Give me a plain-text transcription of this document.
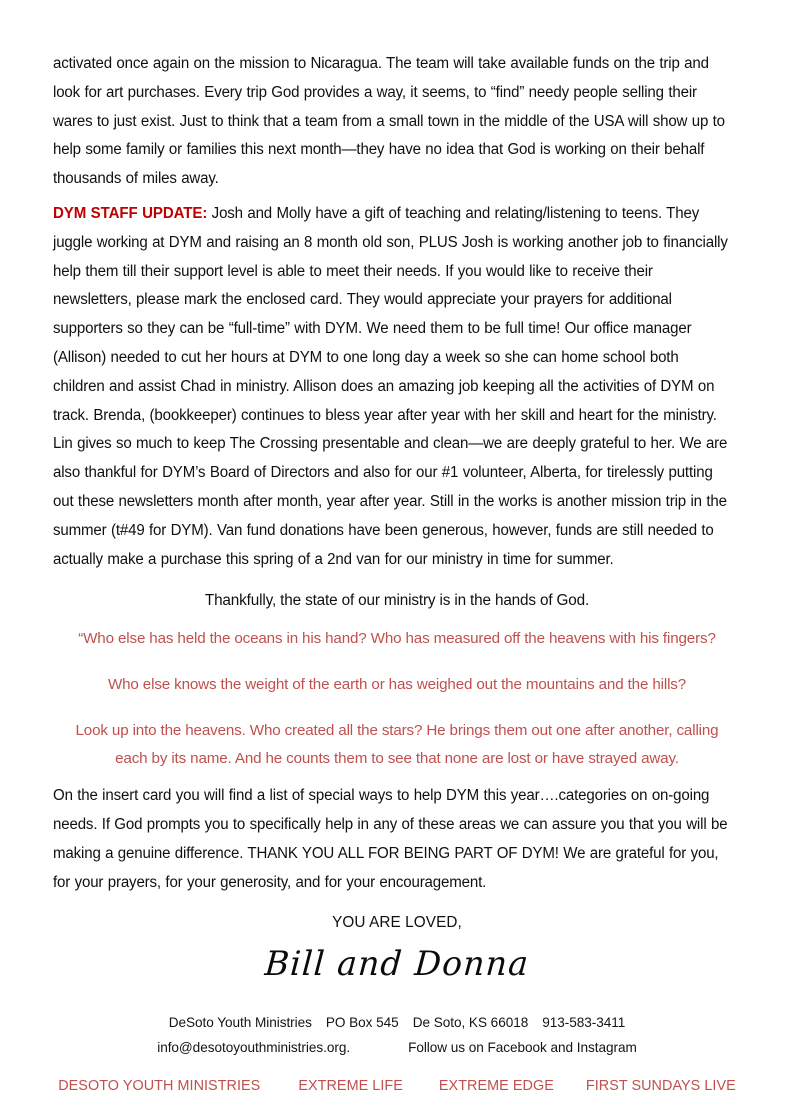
activated once again on the mission to Nicaragua. The team will take available funds on the trip and look for art purchases. Every trip God provides a way, it seems, to “find” needy people selling their wares to just exist. Just to think that a team from a small town in the middle of the USA will show up to help some family or families this next month—they have no idea that God is working on their behalf thousands of miles away.

DYM STAFF UPDATE: Josh and Molly have a gift of teaching and relating/listening to teens. They juggle working at DYM and raising an 8 month old son, PLUS Josh is working another job to financially help them till their support level is able to meet their needs. If you would like to receive their newsletters, please mark the enclosed card. They would appreciate your prayers for additional supporters so they can be “full-time” with DYM. We need them to be full time! Our office manager (Allison) needed to cut her hours at DYM to one long day a week so she can home school both children and assist Chad in ministry. Allison does an amazing job keeping all the activities of DYM on track. Brenda, (bookkeeper) continues to bless year after year with her skill and heart for the ministry. Lin gives so much to keep The Crossing presentable and clean—we are deeply grateful to her. We are also thankful for DYM’s Board of Directors and also for our #1 volunteer, Alberta, for tirelessly putting out these newsletters month after month, year after year. Still in the works is another mission trip in the summer (t#49 for DYM). Van fund donations have been generous, however, funds are still needed to actually make a purchase this spring of a 2nd van for our ministry in time for summer.

Thankfully, the state of our ministry is in the hands of God.
“Who else has held the oceans in his hand? Who has measured off the heavens with his fingers?
Who else knows the weight of the earth or has weighed out the mountains and the hills?
Look up into the heavens. Who created all the stars? He brings them out one after another, calling each by its name. And he counts them to see that none are lost or have strayed away.

On the insert card you will find a list of special ways to help DYM this year….categories on on-going needs. If God prompts you to specifically help in any of these areas we can assure you that you will be making a genuine difference. THANK YOU ALL FOR BEING PART OF DYM! We are grateful for you, for your prayers, for your generosity, and for your encouragement.

YOU ARE LOVED,
Bill and Donna
DeSoto Youth Ministries PO Box 545 De Soto, KS 66018 913-583-3411
info@desotoyouthministries.org.	Follow us on Facebook and Instagram
DESOTO YOUTH MINISTRIES	EXTREME LIFE	EXTREME EDGE FIRST SUNDAYS LIVE
